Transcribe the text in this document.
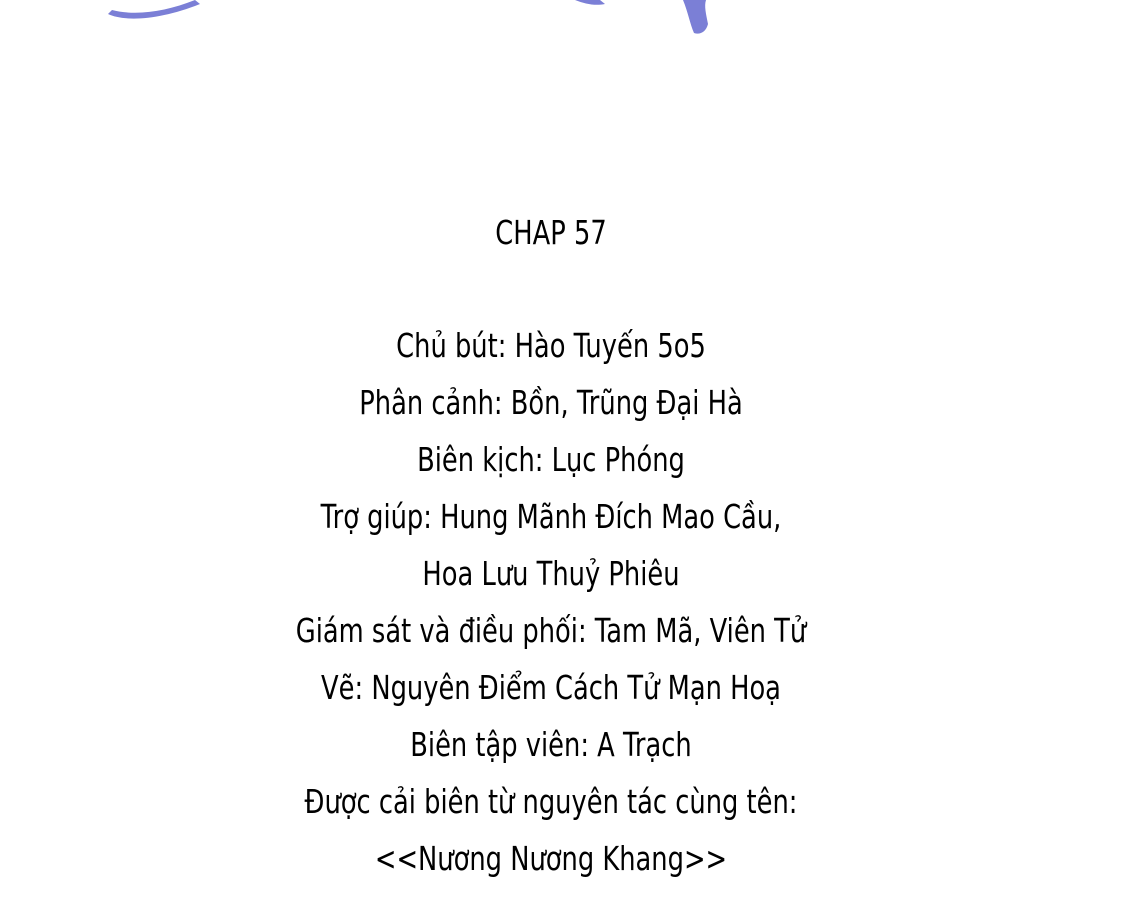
CHAP 57
Chủ bút: Hào Tuyến 5o5
Phân cảnh: Bồn, Trũng Đại Hà
Biên kịch: Lục Phóng
Trợ giúp: Hung Mãnh Đích Mao Cầu,
Hoa Lưu Thuỷ Phiêu
Giám sát và điều phối: Tam Mã, Viên Tử
Vẽ: Nguyên Điểm Cách Tử Mạn Hoạ
Biên tập viên: A Trạch
Được cải biên từ nguyên tác cùng tên:
<<Nương Nương Khang>>
